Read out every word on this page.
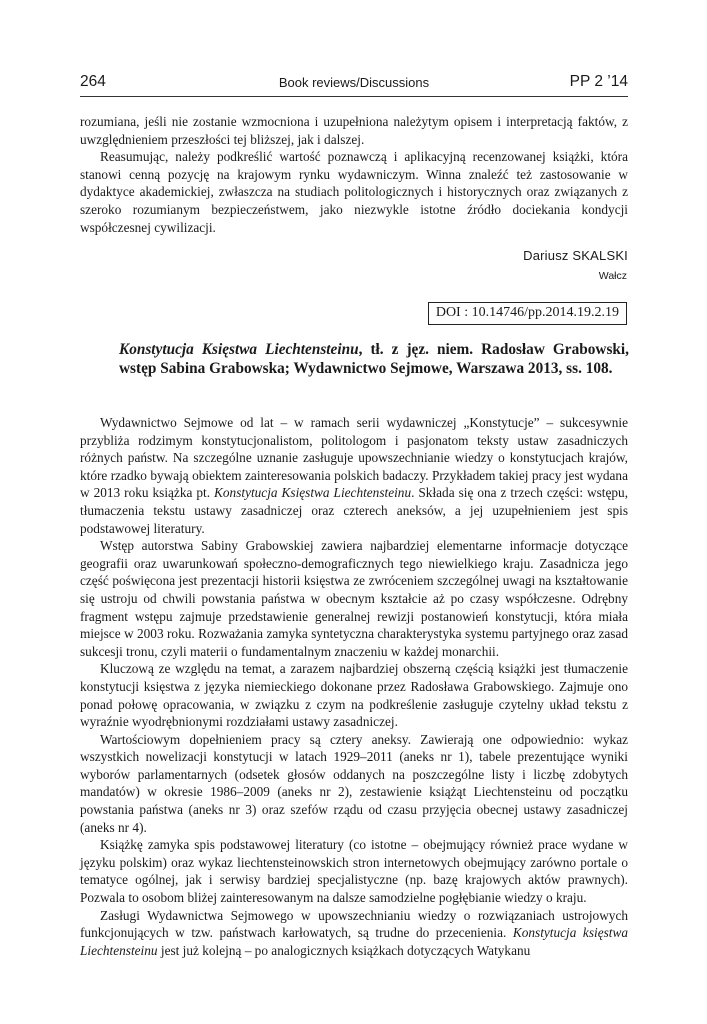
264	Book reviews/Discussions	PP 2 ’14

rozumiana, jeśli nie zostanie wzmocniona i uzupełniona należytym opisem i interpretacją faktów, z uwzględnieniem przeszłości tej bliższej, jak i dalszej.

Reasumując, należy podkreślić wartość poznawczą i aplikacyjną recenzowanej książki, która stanowi cenną pozycję na krajowym rynku wydawniczym. Winna znaleźć też zastosowanie w dydaktyce akademickiej, zwłaszcza na studiach politologicznych i historycznych oraz związanych z szeroko rozumianym bezpieczeństwem, jako niezwykle istotne źródło dociekania kondycji współczesnej cywilizacji.

Dariusz SKALSKI
Wałcz
DOI : 10.14746/pp.2014.19.2.19
Konstytucja Księstwa Liechtensteinu, tł. z jęz. niem. Radosław Grabowski, wstęp Sabina Grabowska; Wydawnictwo Sejmowe, Warszawa 2013, ss. 108.

Wydawnictwo Sejmowe od lat – w ramach serii wydawniczej „Konstytucje” – sukcesywnie przybliża rodzimym konstytucjonalistom, politologom i pasjonatom teksty ustaw zasadniczych różnych państw. Na szczególne uznanie zasługuje upowszechnianie wiedzy o konstytucjach krajów, które rzadko bywają obiektem zainteresowania polskich badaczy. Przykładem takiej pracy jest wydana w 2013 roku książka pt. Konstytucja Księstwa Liechtensteinu. Składa się ona z trzech części: wstępu, tłumaczenia tekstu ustawy zasadniczej oraz czterech aneksów, a jej uzupełnieniem jest spis podstawowej literatury.

Wstęp autorstwa Sabiny Grabowskiej zawiera najbardziej elementarne informacje dotyczące geografii oraz uwarunkowań społeczno-demograficznych tego niewielkiego kraju. Zasadnicza jego część poświęcona jest prezentacji historii księstwa ze zwróceniem szczególnej uwagi na kształtowanie się ustroju od chwili powstania państwa w obecnym kształcie aż po czasy współczesne. Odrębny fragment wstępu zajmuje przedstawienie generalnej rewizji postanowień konstytucji, która miała miejsce w 2003 roku. Rozważania zamyka syntetyczna charakterystyka systemu partyjnego oraz zasad sukcesji tronu, czyli materii o fundamentalnym znaczeniu w każdej monarchii.

Kluczową ze względu na temat, a zarazem najbardziej obszerną częścią książki jest tłumaczenie konstytucji księstwa z języka niemieckiego dokonane przez Radosława Grabowskiego. Zajmuje ono ponad połowę opracowania, w związku z czym na podkreślenie zasługuje czytelny układ tekstu z wyraźnie wyodrębnionymi rozdziałami ustawy zasadniczej.

Wartościowym dopełnieniem pracy są cztery aneksy. Zawierają one odpowiednio: wykaz wszystkich nowelizacji konstytucji w latach 1929–2011 (aneks nr 1), tabele prezentujące wyniki wyborów parlamentarnych (odsetek głosów oddanych na poszczególne listy i liczbę zdobytych mandatów) w okresie 1986–2009 (aneks nr 2), zestawienie książąt Liechtensteinu od początku powstania państwa (aneks nr 3) oraz szefów rządu od czasu przyjęcia obecnej ustawy zasadniczej (aneks nr 4).

Książkę zamyka spis podstawowej literatury (co istotne – obejmujący również prace wydane w języku polskim) oraz wykaz liechtensteinowskich stron internetowych obejmujący zarówno portale o tematyce ogólnej, jak i serwisy bardziej specjalistyczne (np. bazę krajowych aktów prawnych). Pozwala to osobom bliżej zainteresowanym na dalsze samodzielne pogłębianie wiedzy o kraju.

Zasługi Wydawnictwa Sejmowego w upowszechnianiu wiedzy o rozwiązaniach ustrojowych funkcjonujących w tzw. państwach karłowatych, są trudne do przecenienia. Konstytucja księstwa Liechtensteinu jest już kolejną – po analogicznych książkach dotyczących Watykanu
